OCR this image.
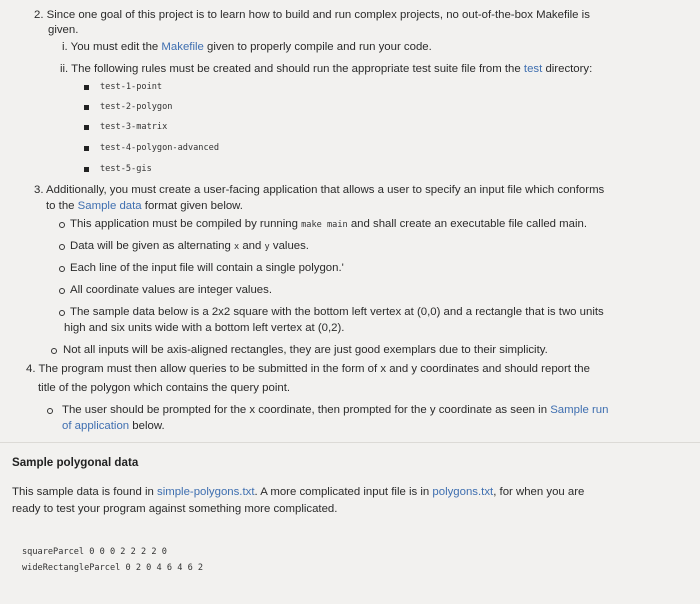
2. Since one goal of this project is to learn how to build and run complex projects, no out-of-the-box Makefile is
given.
i. You must edit the Makefile given to properly compile and run your code.
ii. The following rules must be created and should run the appropriate test suite file from the test directory:
test-1-point
test-2-polygon
test-3-matrix
test-4-polygon-advanced
test-5-gis
3. Additionally, you must create a user-facing application that allows a user to specify an input file which conforms
to the Sample data format given below.
This application must be compiled by running make main and shall create an executable file called main.
Data will be given as alternating x and y values.
Each line of the input file will contain a single polygon.'
All coordinate values are integer values.
The sample data below is a 2x2 square with the bottom left vertex at (0,0) and a rectangle that is two units
high and six units wide with a bottom left vertex at (0,2).
Not all inputs will be axis-aligned rectangles, they are just good exemplars due to their simplicity.
4. The program must then allow queries to be submitted in the form of x and y coordinates and should report the
title of the polygon which contains the query point.
The user should be prompted for the x coordinate, then prompted for the y coordinate as seen in Sample run
of application below.
Sample polygonal data
This sample data is found in simple-polygons.txt. A more complicated input file is in polygons.txt, for when you are
ready to test your program against something more complicated.
squareParcel 0 0 0 2 2 2 2 0
wideRectangleParcel 0 2 0 4 6 4 6 2
